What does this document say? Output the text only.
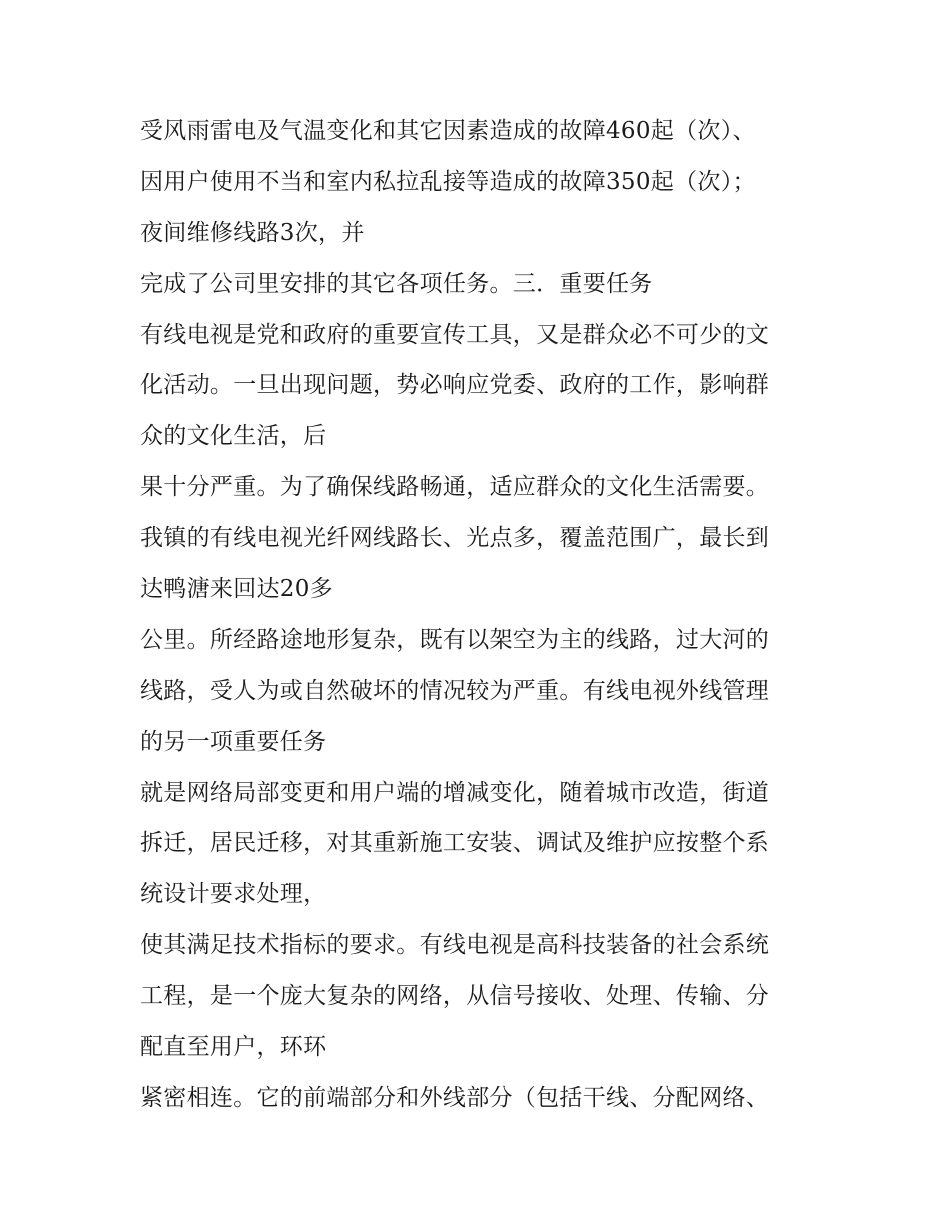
受风雨雷电及气温变化和其它因素造成的故障460起（次）、
因用户使用不当和室内私拉乱接等造成的故障350起（次）；
夜间维修线路3次，并
完成了公司里安排的其它各项任务。三．重要任务
有线电视是党和政府的重要宣传工具，又是群众必不可少的文
化活动。一旦出现问题，势必响应党委、政府的工作，影响群
众的文化生活，后
果十分严重。为了确保线路畅通，适应群众的文化生活需要。
我镇的有线电视光纤网线路长、光点多，覆盖范围广，最长到
达鸭溏来回达20多
公里。所经路途地形复杂，既有以架空为主的线路，过大河的
线路，受人为或自然破坏的情况较为严重。有线电视外线管理
的另一项重要任务
就是网络局部变更和用户端的增减变化，随着城市改造，街道
拆迁，居民迁移，对其重新施工安装、调试及维护应按整个系
统设计要求处理，
使其满足技术指标的要求。有线电视是高科技装备的社会系统
工程，是一个庞大复杂的网络，从信号接收、处理、传输、分
配直至用户，环环
紧密相连。它的前端部分和外线部分（包括干线、分配网络、
